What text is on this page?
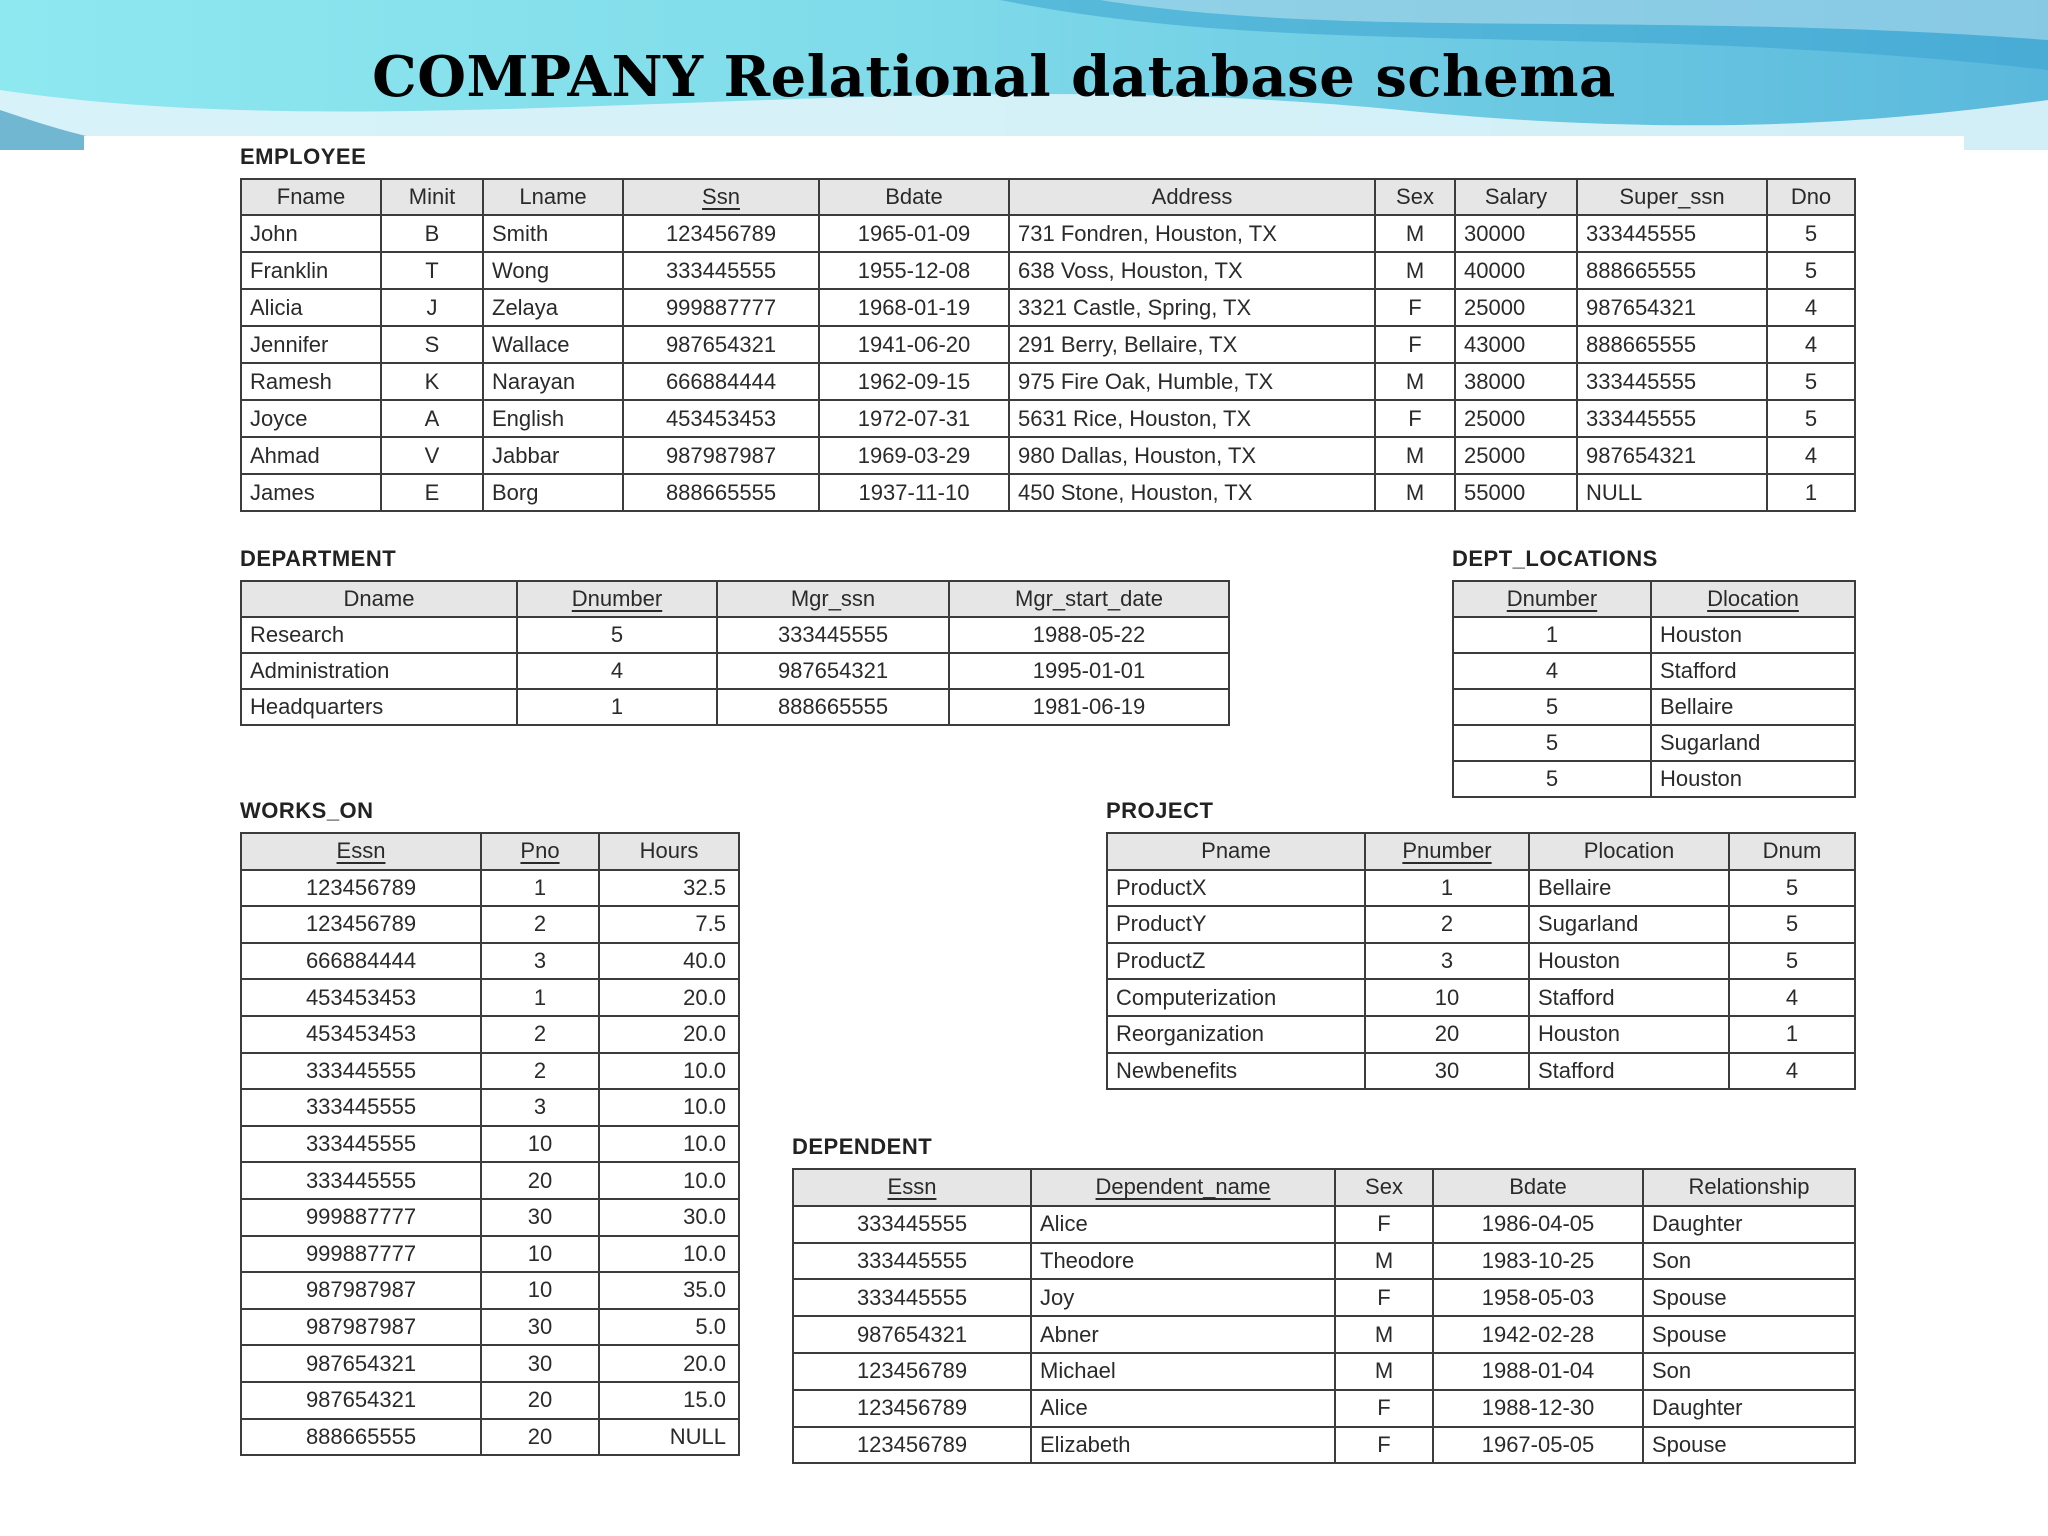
COMPANY Relational database schema
EMPLOYEE
Fname	Minit	Lname	Ssn	Bdate	Address	Sex	Salary	Super_ssn	Dno
John	B	Smith	123456789	1965-01-09	731 Fondren, Houston, TX	M	30000	333445555	5
Franklin	T	Wong	333445555	1955-12-08	638 Voss, Houston, TX	M	40000	888665555	5
Alicia	J	Zelaya	999887777	1968-01-19	3321 Castle, Spring, TX	F	25000	987654321	4
Jennifer	S	Wallace	987654321	1941-06-20	291 Berry, Bellaire, TX	F	43000	888665555	4
Ramesh	K	Narayan	666884444	1962-09-15	975 Fire Oak, Humble, TX	M	38000	333445555	5
Joyce	A	English	453453453	1972-07-31	5631 Rice, Houston, TX	F	25000	333445555	5
Ahmad	V	Jabbar	987987987	1969-03-29	980 Dallas, Houston, TX	M	25000	987654321	4
James	E	Borg	888665555	1937-11-10	450 Stone, Houston, TX	M	55000	NULL	1
DEPARTMENT
Dname	Dnumber	Mgr_ssn	Mgr_start_date
Research	5	333445555	1988-05-22
Administration	4	987654321	1995-01-01
Headquarters	1	888665555	1981-06-19
DEPT_LOCATIONS
Dnumber	Dlocation
1	Houston
4	Stafford
5	Bellaire
5	Sugarland
5	Houston
WORKS_ON
Essn	Pno	Hours
123456789	1	32.5
123456789	2	7.5
666884444	3	40.0
453453453	1	20.0
453453453	2	20.0
333445555	2	10.0
333445555	3	10.0
333445555	10	10.0
333445555	20	10.0
999887777	30	30.0
999887777	10	10.0
987987987	10	35.0
987987987	30	5.0
987654321	30	20.0
987654321	20	15.0
888665555	20	NULL
PROJECT
Pname	Pnumber	Plocation	Dnum
ProductX	1	Bellaire	5
ProductY	2	Sugarland	5
ProductZ	3	Houston	5
Computerization	10	Stafford	4
Reorganization	20	Houston	1
Newbenefits	30	Stafford	4
DEPENDENT
Essn	Dependent_name	Sex	Bdate	Relationship
333445555	Alice	F	1986-04-05	Daughter
333445555	Theodore	M	1983-10-25	Son
333445555	Joy	F	1958-05-03	Spouse
987654321	Abner	M	1942-02-28	Spouse
123456789	Michael	M	1988-01-04	Son
123456789	Alice	F	1988-12-30	Daughter
123456789	Elizabeth	F	1967-05-05	Spouse
